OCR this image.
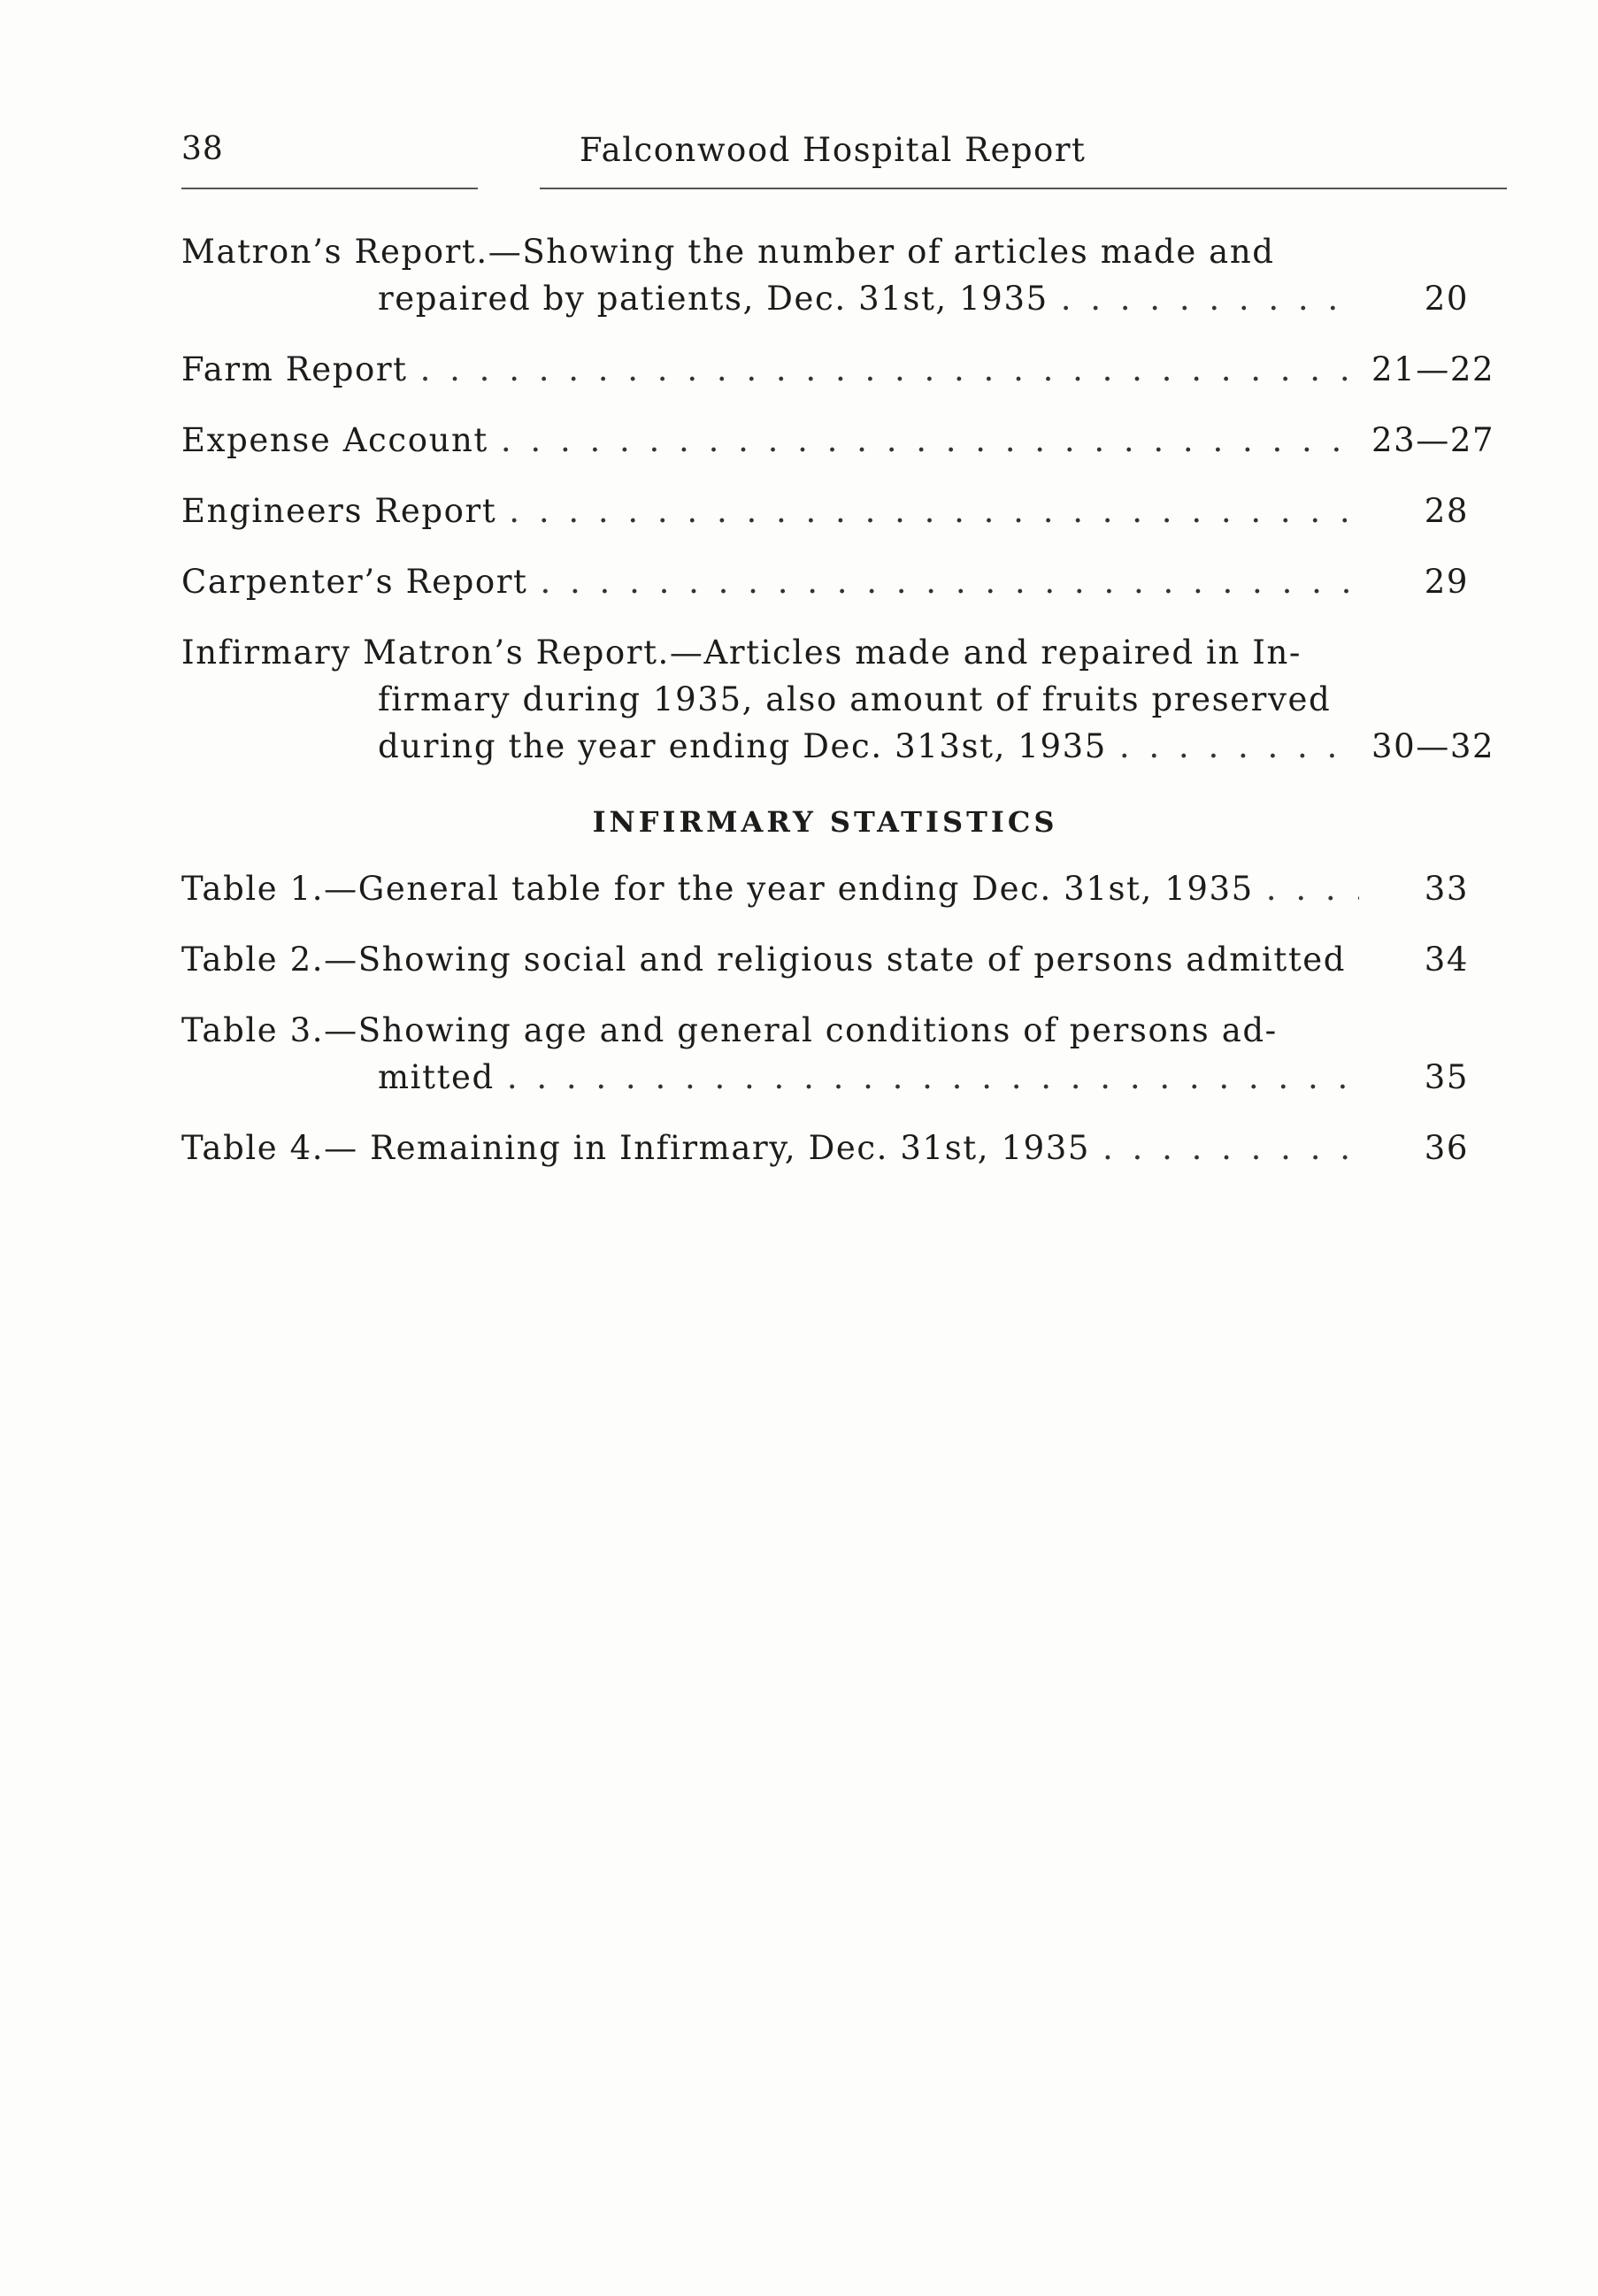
38	Falconwood Hospital Report
Matron’s Report.—Showing the number of articles made and
repaired by patients, Dec. 31st, 1935 . . .	20
Farm Report . . .	21—22
Expense Account . . .	23—27
Engineers Report . . .	28
Carpenter’s Report . . .	29
Infirmary Matron’s Report.—Articles made and repaired in In-
firmary during 1935, also amount of fruits preserved
during the year ending Dec. 313st, 1935 . . .	30—32
INFIRMARY STATISTICS
Table 1.—General table for the year ending Dec. 31st, 1935 . . .	33
Table 2.—Showing social and religious state of persons admitted	34
Table 3.—Showing age and general conditions of persons ad-
mitted . . .	35
Table 4.— Remaining in Infirmary, Dec. 31st, 1935 . . .	36
